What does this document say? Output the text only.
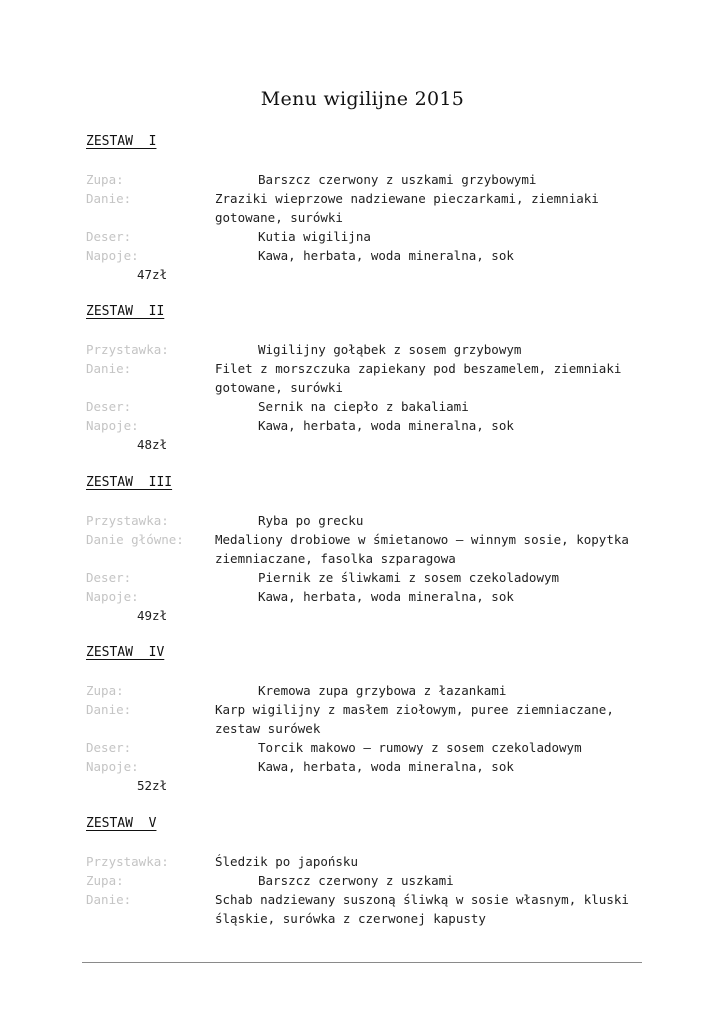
Menu wigilijne 2015
ZESTAW  I
Zupa:	Barszcz czerwony z uszkami grzybowymi
Danie:	Zraziki wieprzowe nadziewane pieczarkami, ziemniaki
gotowane, surówki
Deser:	Kutia wigilijna
Napoje:	Kawa, herbata, woda mineralna, sok
47zł
ZESTAW  II
Przystawka:	Wigilijny gołąbek z sosem grzybowym
Danie:	Filet z morszczuka zapiekany pod beszamelem, ziemniaki
gotowane, surówki
Deser:	Sernik na ciepło z bakaliami
Napoje:	Kawa, herbata, woda mineralna, sok
48zł
ZESTAW  III
Przystawka:	Ryba po grecku
Danie główne: Medaliony drobiowe w śmietanowo – winnym sosie, kopytka
ziemniaczane, fasolka szparagowa
Deser:	Piernik ze śliwkami z sosem czekoladowym
Napoje:	Kawa, herbata, woda mineralna, sok
49zł
ZESTAW  IV
Zupa:	Kremowa zupa grzybowa z łazankami
Danie:	Karp wigilijny z masłem ziołowym, puree ziemniaczane,
zestaw surówek
Deser:	Torcik makowo – rumowy z sosem czekoladowym
Napoje:	Kawa, herbata, woda mineralna, sok
52zł
ZESTAW  V
Przystawka:	Śledzik po japońsku
Zupa:	Barszcz czerwony z uszkami
Danie:	Schab nadziewany suszoną śliwką w sosie własnym, kluski
śląskie, surówka z czerwonej kapusty
